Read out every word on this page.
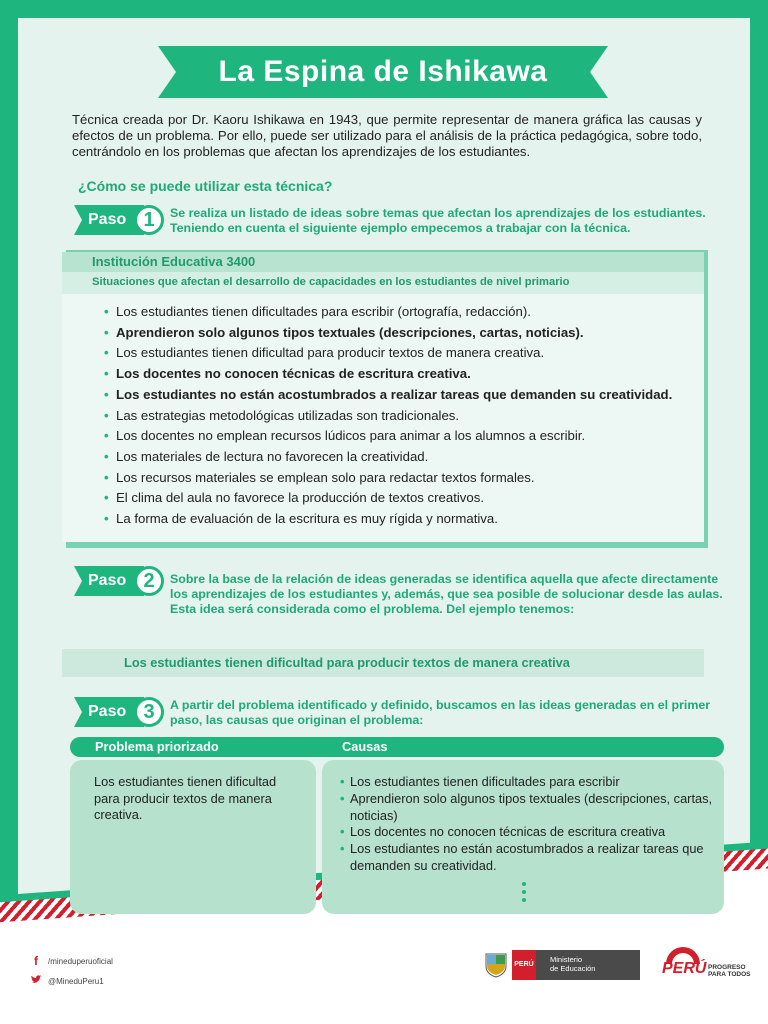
La Espina de Ishikawa

Técnica creada por Dr. Kaoru Ishikawa en 1943, que permite representar de manera gráfica las causas y efectos de un problema. Por ello, puede ser utilizado para el análisis de la práctica pedagógica, sobre todo, centrándolo en los problemas que afectan los aprendizajes de los estudiantes.

¿Cómo se puede utilizar esta técnica?
Paso 1	Se realiza un listado de ideas sobre temas que afectan los aprendizajes de los estudiantes. Teniendo en cuenta el siguiente ejemplo empecemos a trabajar con la técnica.
Institución Educativa 3400
Situaciones que afectan el desarrollo de capacidades en los estudiantes de nivel primario
• Los estudiantes tienen dificultades para escribir (ortografía, redacción).
• Aprendieron solo algunos tipos textuales (descripciones, cartas, noticias).
• Los estudiantes tienen dificultad para producir textos de manera creativa.
• Los docentes no conocen técnicas de escritura creativa.
• Los estudiantes no están acostumbrados a realizar tareas que demanden su creatividad.
• Las estrategias metodológicas utilizadas son tradicionales.
• Los docentes no emplean recursos lúdicos para animar a los alumnos a escribir.
• Los materiales de lectura no favorecen la creatividad.
• Los recursos materiales se emplean solo para redactar textos formales.
• El clima del aula no favorece la producción de textos creativos.
• La forma de evaluación de la escritura es muy rígida y normativa.
Paso 2	Sobre la base de la relación de ideas generadas se identifica aquella que afecte directamente los aprendizajes de los estudiantes y, además, que sea posible de solucionar desde las aulas. Esta idea será considerada como el problema. Del ejemplo tenemos:
Los estudiantes tienen dificultad para producir textos de manera creativa
Paso 3	A partir del problema identificado y definido, buscamos en las ideas generadas en el primer paso, las causas que originan el problema:
Problema priorizado	Causas

Los estudiantes tienen dificultad para producir textos de manera creativa.

• Los estudiantes tienen dificultades para escribir
• Aprendieron solo algunos tipos textuales (descripciones, cartas, noticias)
• Los docentes no conocen técnicas de escritura creativa
• Los estudiantes no están acostumbrados a realizar tareas que demanden su creatividad.
f	/mineduperuoficial
@MineduPeru1
PERÚ
Ministerio
de Educación	PERÚ PROGRESO
PARA TODOS
